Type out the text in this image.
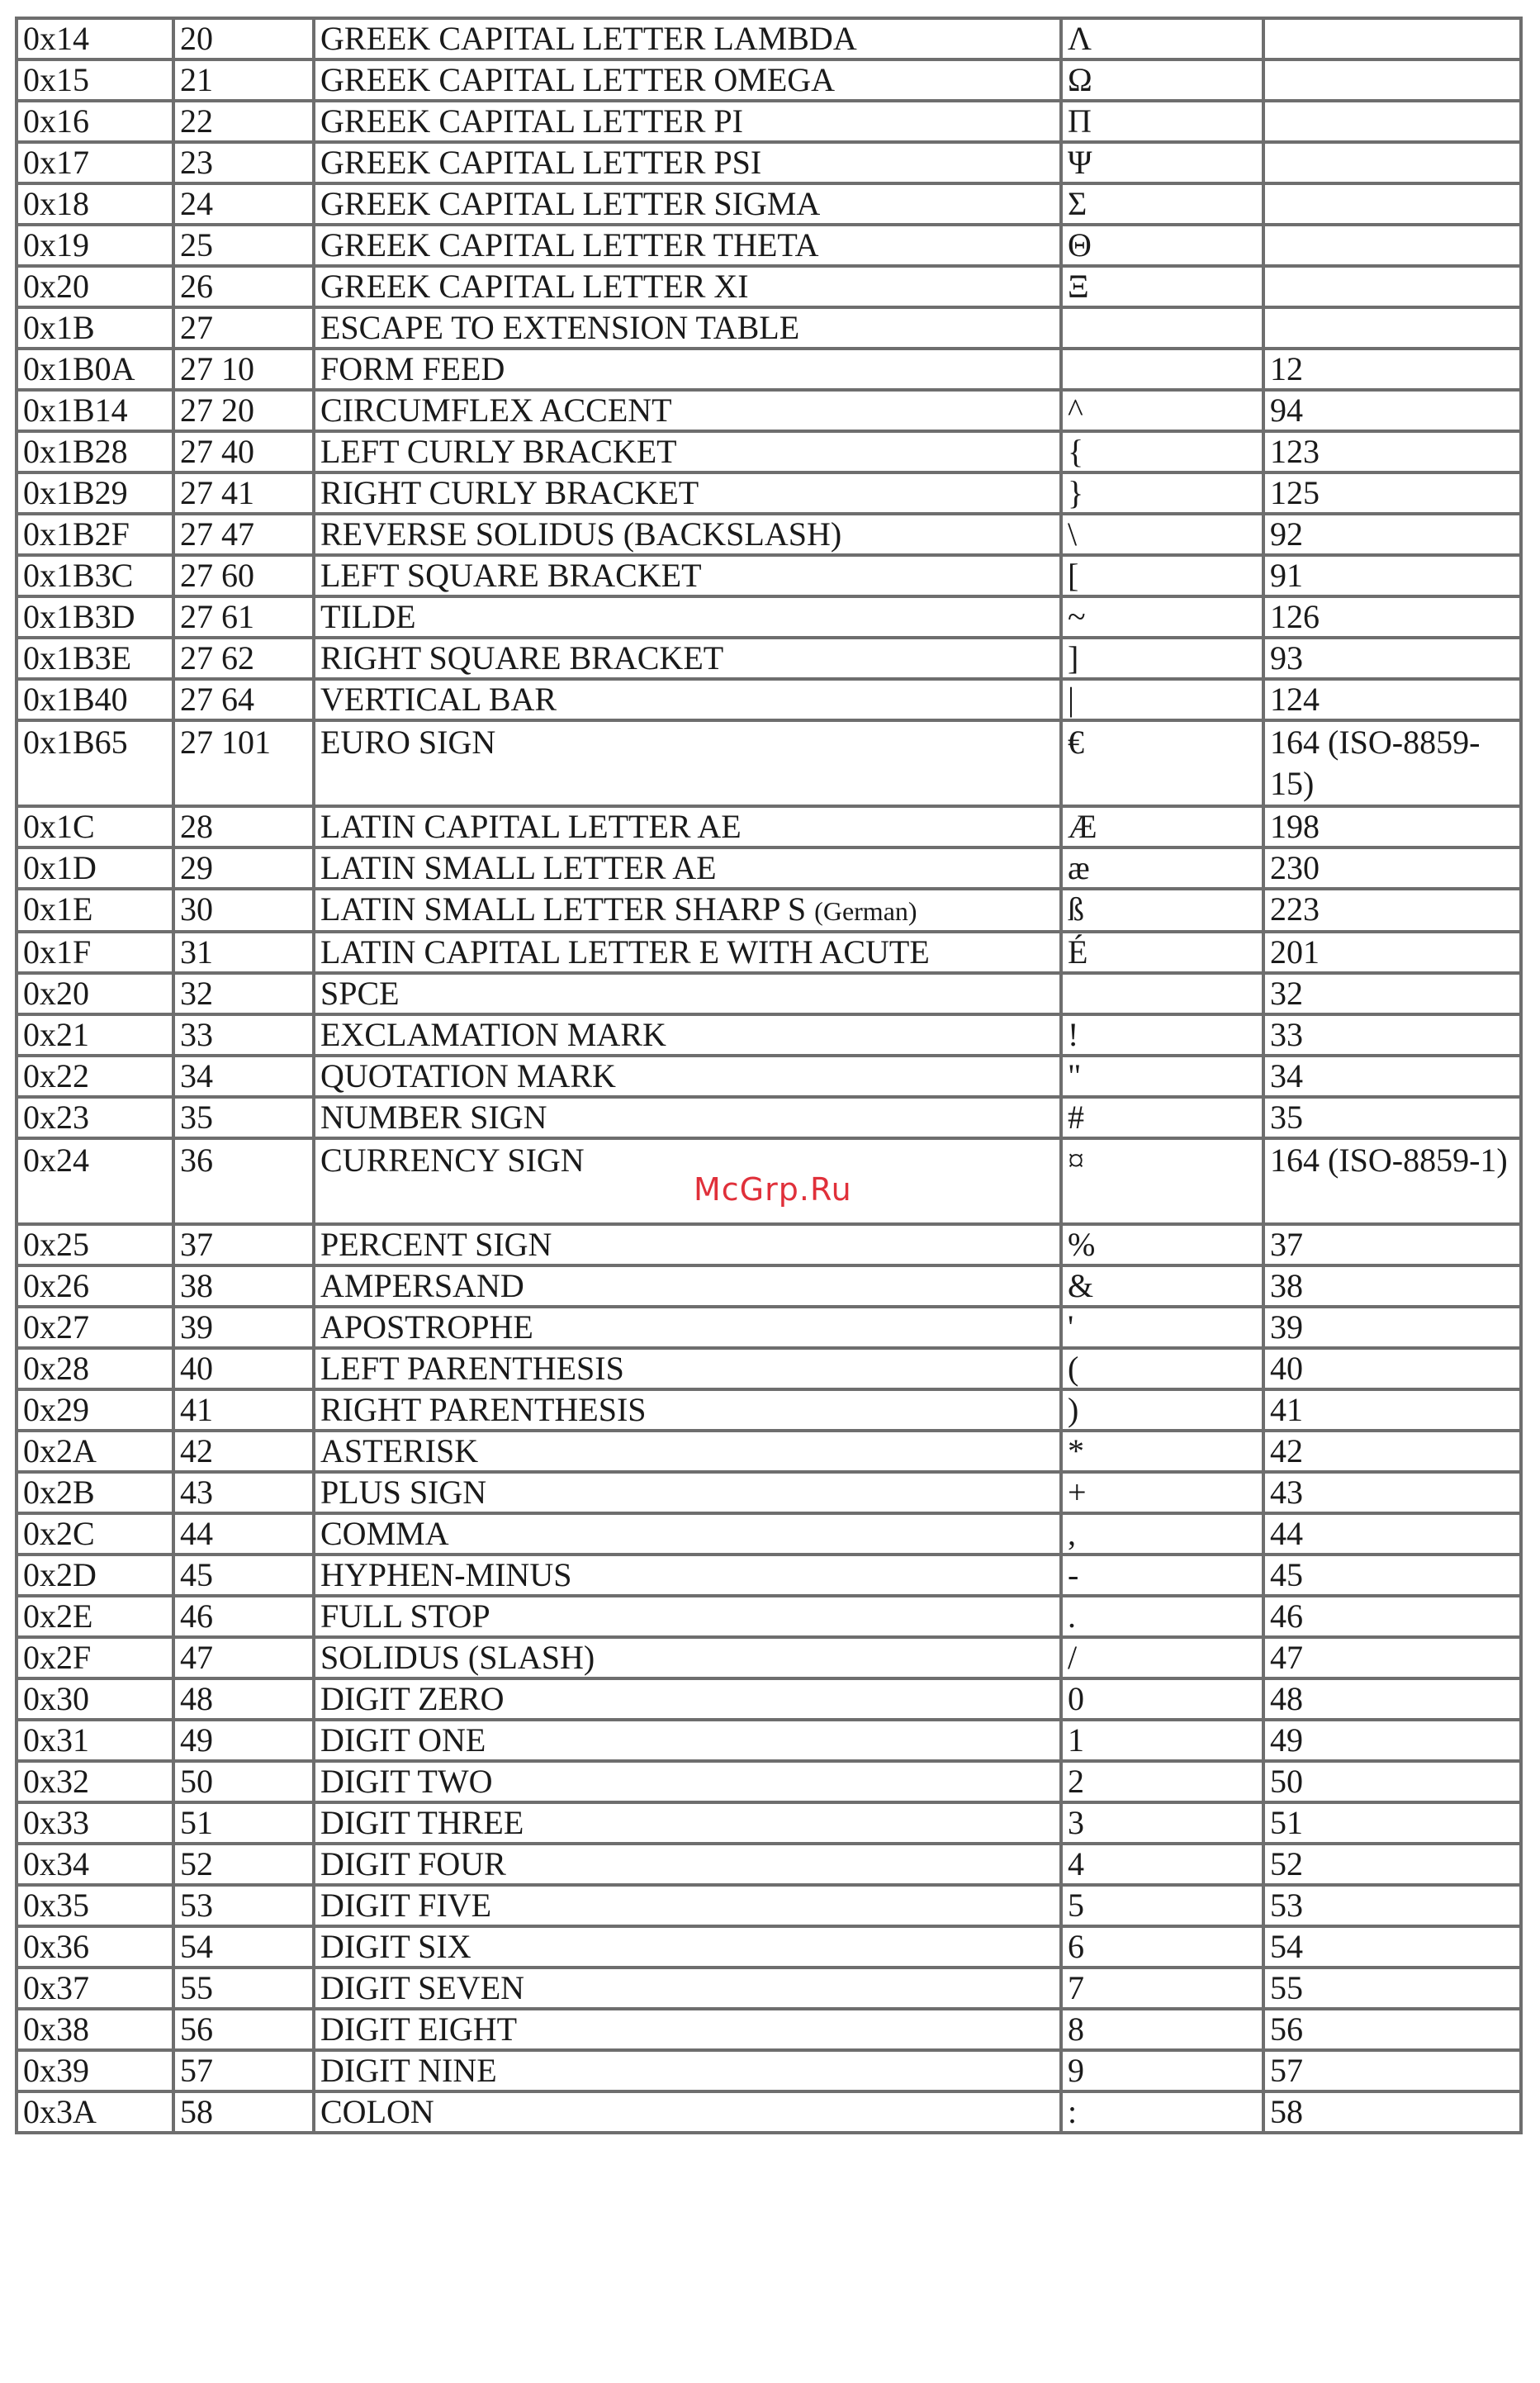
0x14	20	GREEK CAPITAL LETTER LAMBDA	Λ	
0x15	21	GREEK CAPITAL LETTER OMEGA	Ω	
0x16	22	GREEK CAPITAL LETTER PI	Π	
0x17	23	GREEK CAPITAL LETTER PSI	Ψ	
0x18	24	GREEK CAPITAL LETTER SIGMA	Σ	
0x19	25	GREEK CAPITAL LETTER THETA	Θ	
0x20	26	GREEK CAPITAL LETTER XI	Ξ	
0x1B	27	ESCAPE TO EXTENSION TABLE		
0x1B0A	27 10	FORM FEED		12
0x1B14	27 20	CIRCUMFLEX ACCENT	^	94
0x1B28	27 40	LEFT CURLY BRACKET	{	123
0x1B29	27 41	RIGHT CURLY BRACKET	}	125
0x1B2F	27 47	REVERSE SOLIDUS (BACKSLASH)	\	92
0x1B3C	27 60	LEFT SQUARE BRACKET	[	91
0x1B3D	27 61	TILDE	~	126
0x1B3E	27 62	RIGHT SQUARE BRACKET	]	93
0x1B40	27 64	VERTICAL BAR	|	124
0x1B65	27 101	EURO SIGN	€	164 (ISO-8859-15)
0x1C	28	LATIN CAPITAL LETTER AE	Æ	198
0x1D	29	LATIN SMALL LETTER AE	æ	230
0x1E	30	LATIN SMALL LETTER SHARP S (German)	ß	223
0x1F	31	LATIN CAPITAL LETTER E WITH ACUTE	É	201
0x20	32	SPCE		32
0x21	33	EXCLAMATION MARK	!	33
0x22	34	QUOTATION MARK	"	34
0x23	35	NUMBER SIGN	#	35
0x24	36	CURRENCY SIGN	¤	164 (ISO-8859-1)
0x25	37	PERCENT SIGN	%	37
0x26	38	AMPERSAND	&	38
0x27	39	APOSTROPHE	'	39
0x28	40	LEFT PARENTHESIS	(	40
0x29	41	RIGHT PARENTHESIS	)	41
0x2A	42	ASTERISK	*	42
0x2B	43	PLUS SIGN	+	43
0x2C	44	COMMA	,	44
0x2D	45	HYPHEN-MINUS	-	45
0x2E	46	FULL STOP	.	46
0x2F	47	SOLIDUS (SLASH)	/	47
0x30	48	DIGIT ZERO	0	48
0x31	49	DIGIT ONE	1	49
0x32	50	DIGIT TWO	2	50
0x33	51	DIGIT THREE	3	51
0x34	52	DIGIT FOUR	4	52
0x35	53	DIGIT FIVE	5	53
0x36	54	DIGIT SIX	6	54
0x37	55	DIGIT SEVEN	7	55
0x38	56	DIGIT EIGHT	8	56
0x39	57	DIGIT NINE	9	57
0x3A	58	COLON	:	58
McGrp.Ru
